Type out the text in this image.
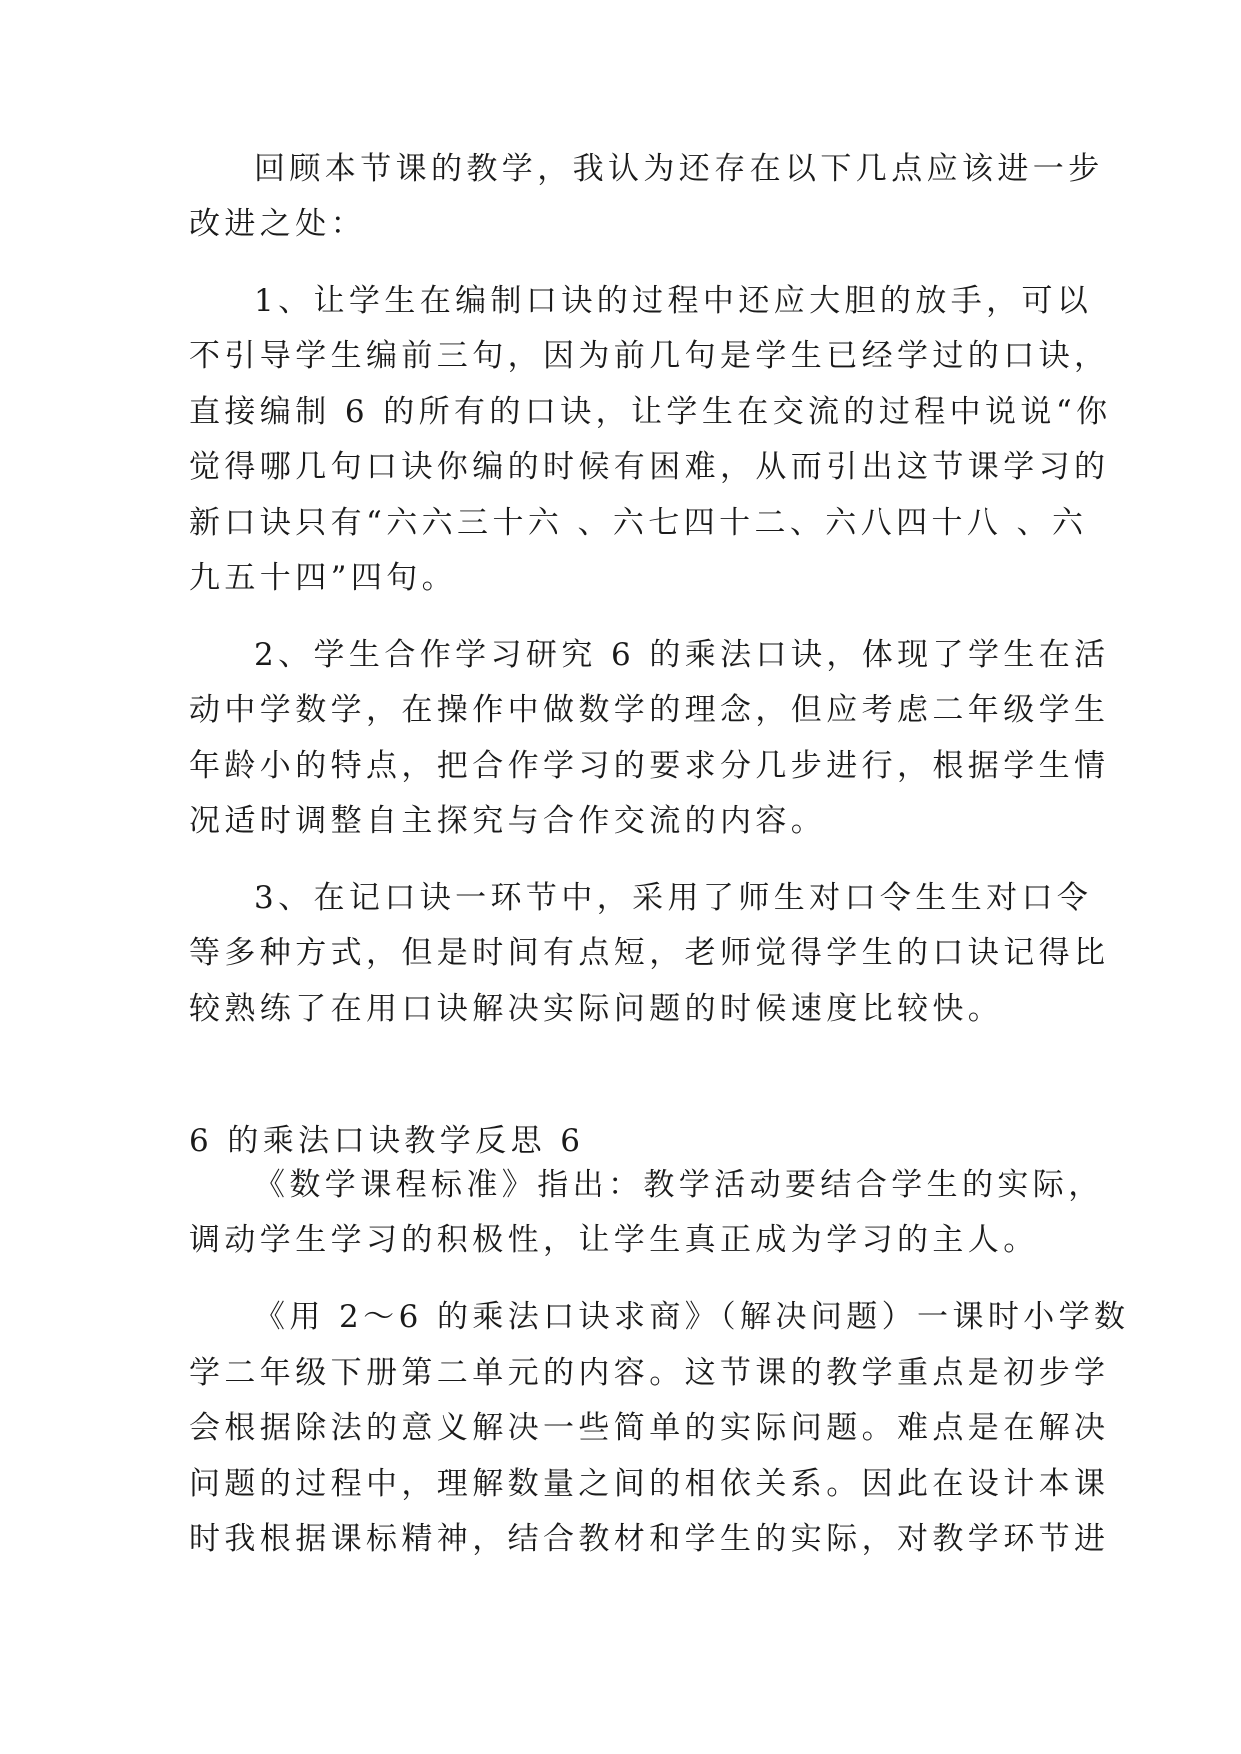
回顾本节课的教学，我认为还存在以下几点应该进一步
改进之处：
1、让学生在编制口诀的过程中还应大胆的放手，可以
不引导学生编前三句，因为前几句是学生已经学过的口诀，
直接编制 6 的所有的口诀，让学生在交流的过程中说说“你
觉得哪几句口诀你编的时候有困难，从而引出这节课学习的
新口诀只有“六六三十六 、六七四十二、六八四十八 、六
九五十四”四句。
2、学生合作学习研究 6 的乘法口诀，体现了学生在活
动中学数学，在操作中做数学的理念，但应考虑二年级学生
年龄小的特点，把合作学习的要求分几步进行，根据学生情
况适时调整自主探究与合作交流的内容。
3、在记口诀一环节中，采用了师生对口令生生对口令
等多种方式，但是时间有点短，老师觉得学生的口诀记得比
较熟练了在用口诀解决实际问题的时候速度比较快。
6 的乘法口诀教学反思 6
《数学课程标准》指出：教学活动要结合学生的实际，
调动学生学习的积极性，让学生真正成为学习的主人。
《用 2～6 的乘法口诀求商》（解决问题）一课时小学数
学二年级下册第二单元的内容。这节课的教学重点是初步学
会根据除法的意义解决一些简单的实际问题。难点是在解决
问题的过程中，理解数量之间的相依关系。因此在设计本课
时我根据课标精神，结合教材和学生的实际，对教学环节进
